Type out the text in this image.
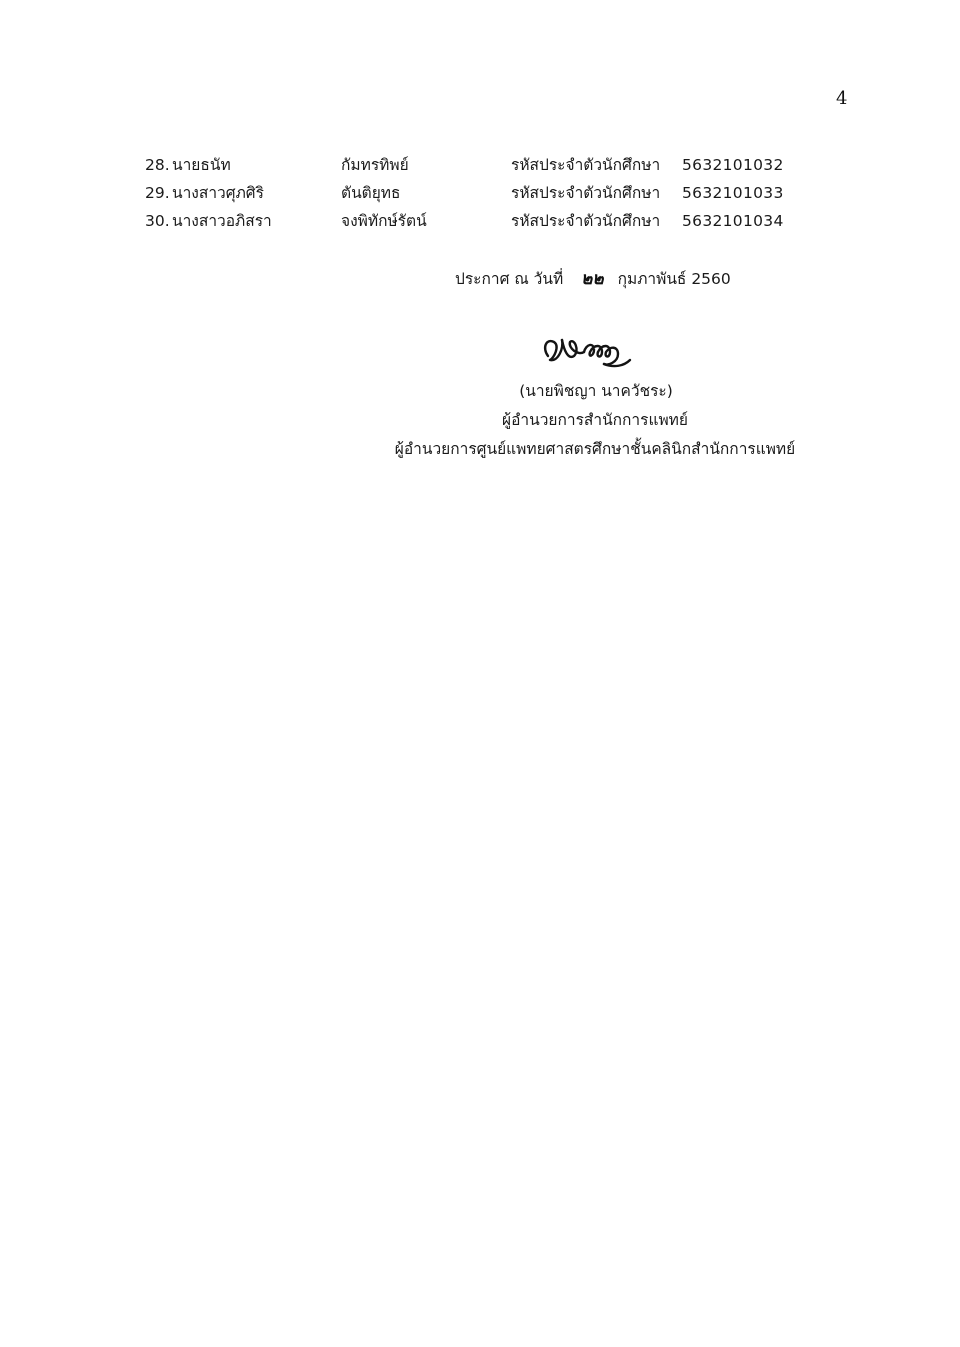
4
28. นายธนัท	กัมทรทิพย์	รหัสประจำตัวนักศึกษา 5632101032
29. นางสาวศุภศิริ	ตันติยุทธ	รหัสประจำตัวนักศึกษา 5632101033
30. นางสาวอภิสรา	จงพิทักษ์รัตน์	รหัสประจำตัวนักศึกษา 5632101034
ประกาศ ณ วันที่ ๒๒ กุมภาพันธ์ 2560
(นายพิชญา นาควัชระ)
ผู้อำนวยการสำนักการแพทย์
ผู้อำนวยการศูนย์แพทยศาสตรศึกษาชั้นคลินิกสำนักการแพทย์
